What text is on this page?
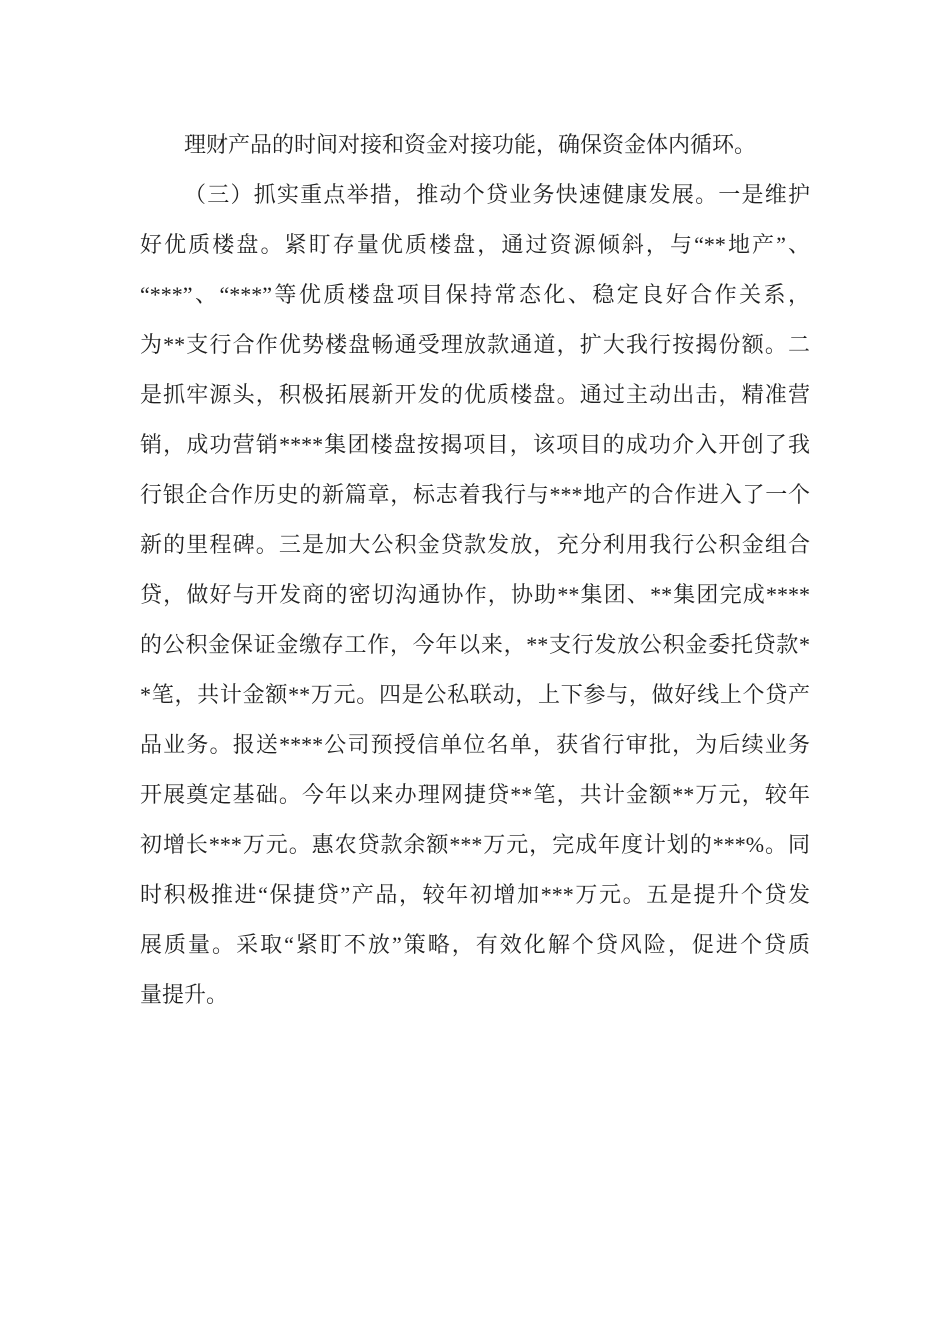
理财产品的时间对接和资金对接功能，确保资金体内循环。
（三）抓实重点举措，推动个贷业务快速健康发展。一是维护
好优质楼盘。紧盯存量优质楼盘，通过资源倾斜，与“**地产”、
“***”、“***”等优质楼盘项目保持常态化、稳定良好合作关系，
为**支行合作优势楼盘畅通受理放款通道，扩大我行按揭份额。二
是抓牢源头，积极拓展新开发的优质楼盘。通过主动出击，精准营
销，成功营销****集团楼盘按揭项目，该项目的成功介入开创了我
行银企合作历史的新篇章，标志着我行与***地产的合作进入了一个
新的里程碑。三是加大公积金贷款发放，充分利用我行公积金组合
贷，做好与开发商的密切沟通协作，协助**集团、**集团完成****
的公积金保证金缴存工作，今年以来，**支行发放公积金委托贷款*
*笔，共计金额**万元。四是公私联动，上下参与，做好线上个贷产
品业务。报送****公司预授信单位名单，获省行审批，为后续业务
开展奠定基础。今年以来办理网捷贷**笔，共计金额**万元，较年
初增长***万元。惠农贷款余额***万元，完成年度计划的***%。同
时积极推进“保捷贷”产品，较年初增加***万元。五是提升个贷发
展质量。采取“紧盯不放”策略，有效化解个贷风险，促进个贷质
量提升。
